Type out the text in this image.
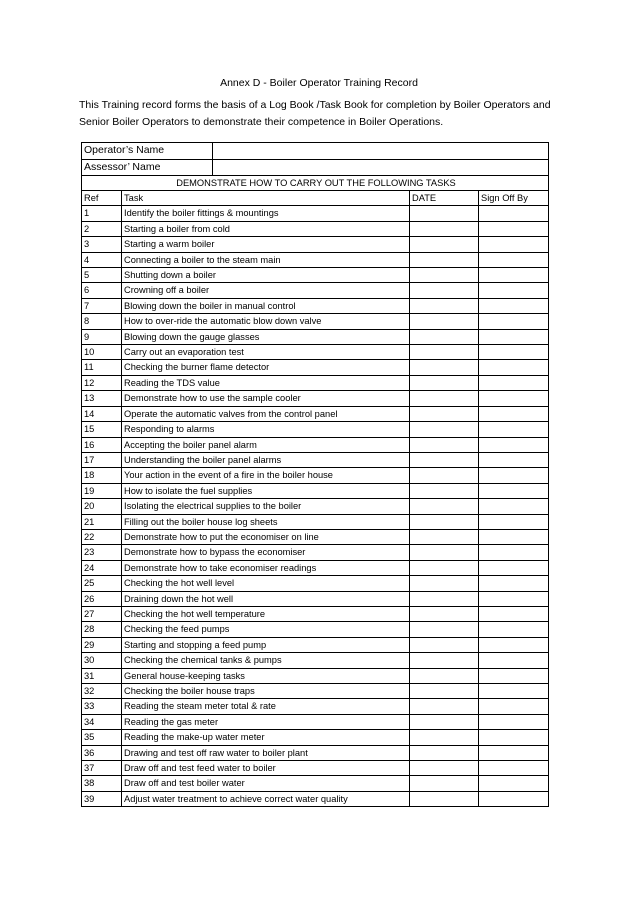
Annex D - Boiler Operator Training Record

This Training record forms the basis of a Log Book /Task Book for completion by Boiler Operators and

Senior Boiler Operators to demonstrate their competence in Boiler Operations.

Operator’s Name				
Assessor’ Name				
DEMONSTRATE HOW TO CARRY OUT THE FOLLOWING TASKS				
Ref	Task		DATE	Sign Off By
1	Identify the boiler fittings & mountings			
2	Starting a boiler from cold			
3	Starting a warm boiler			
4	Connecting a boiler to the steam main			
5	Shutting down a boiler			
6	Crowning off a boiler			
7	Blowing down the boiler in manual control			
8	How to over-ride the automatic blow down valve			
9	Blowing down the gauge glasses			
10	Carry out an evaporation test			
11	Checking the burner flame detector			
12	Reading the TDS value			
13	Demonstrate how to use the sample cooler			
14	Operate the automatic valves from the control panel			
15	Responding to alarms			
16	Accepting the boiler panel alarm			
17	Understanding the boiler panel alarms			
18	Your action in the event of a fire in the boiler house			
19	How to isolate the fuel supplies			
20	Isolating the electrical supplies to the boiler			
21	Filling out the boiler house log sheets			
22	Demonstrate how to put the economiser on line			
23	Demonstrate how to bypass the economiser			
24	Demonstrate how to take economiser readings			
25	Checking the hot well level			
26	Draining down the hot well			
27	Checking the hot well temperature			
28	Checking the feed pumps			
29	Starting and stopping a feed pump			
30	Checking the chemical tanks & pumps			
31	General house-keeping tasks			
32	Checking the boiler house traps			
33	Reading the steam meter total & rate			
34	Reading the gas meter			
35	Reading the make-up water meter			
36	Drawing and test off raw water to boiler plant			
37	Draw off and test feed water to boiler			
38	Draw off and test boiler water			
39	Adjust water treatment to achieve correct water quality			
